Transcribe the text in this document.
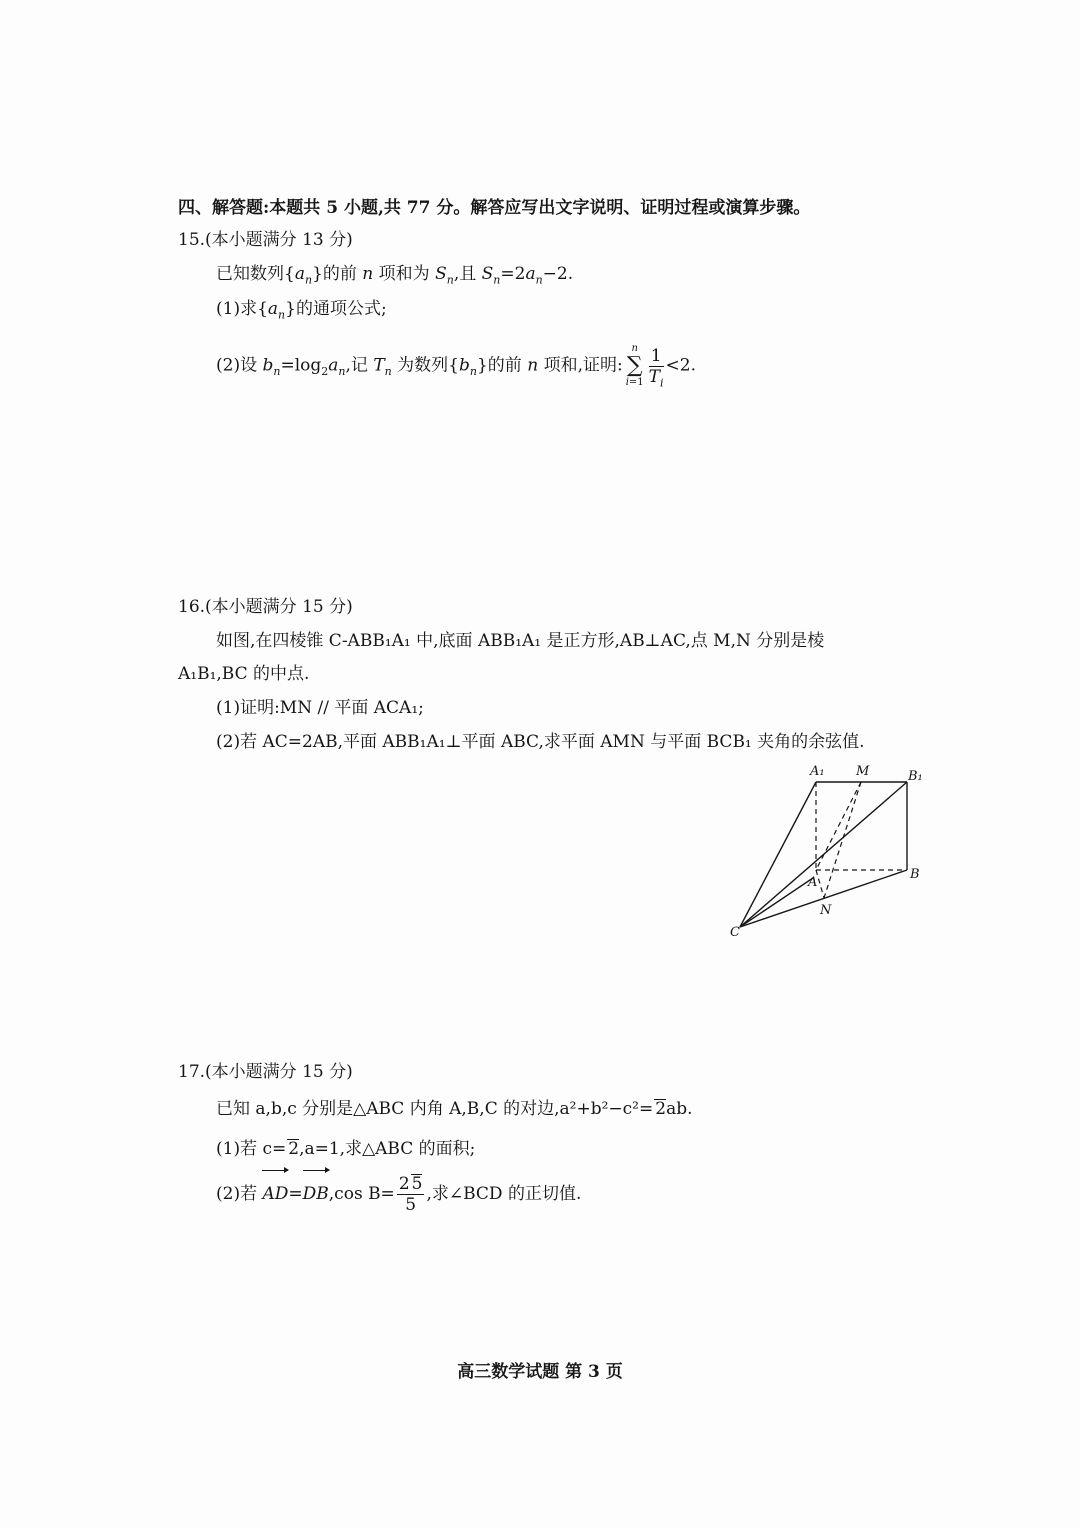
四、解答题:本题共 5 小题,共 77 分。解答应写出文字说明、证明过程或演算步骤。
15.(本小题满分 13 分)
已知数列$\{a_n\}$的前 n 项和为 $S_n$,且 $S_n=2a_n-2$.
(1)求$\{a_n\}$的通项公式;
(2)设 $b_n=\log_2a_n$,记 $T_n$ 为数列$\{b_n\}$的前 n 项和,证明:
n
∑
$i=1 \frac{1}{T_i} <2$.
16.(本小题满分 15 分)
如图,在四棱锥 C-ABB₁A₁ 中,底面 ABB₁A₁ 是正方形,AB⊥AC,点 M,N 分别是棱
A₁B₁,BC 的中点.
(1)证明:MN // 平面 ACA₁;
(2)若 AC=2AB,平面 ABB₁A₁⊥平面 ABC,求平面 AMN 与平面 BCB₁ 夹角的余弦值.
A₁ M	B₁
A
B
N
C
17.(本小题满分 15 分)
已知 a,b,c 分别是△ABC 内角 A,B,C 的对边,a²+b²−c²= 2ab.
(1)若 c= 2,a=1,求△ABC 的面积;
(2)若 AD=DB,cos $B= \frac{2 5}{5}$ ,求∠BCD 的正切值.
高三数学试题 第 3 页
